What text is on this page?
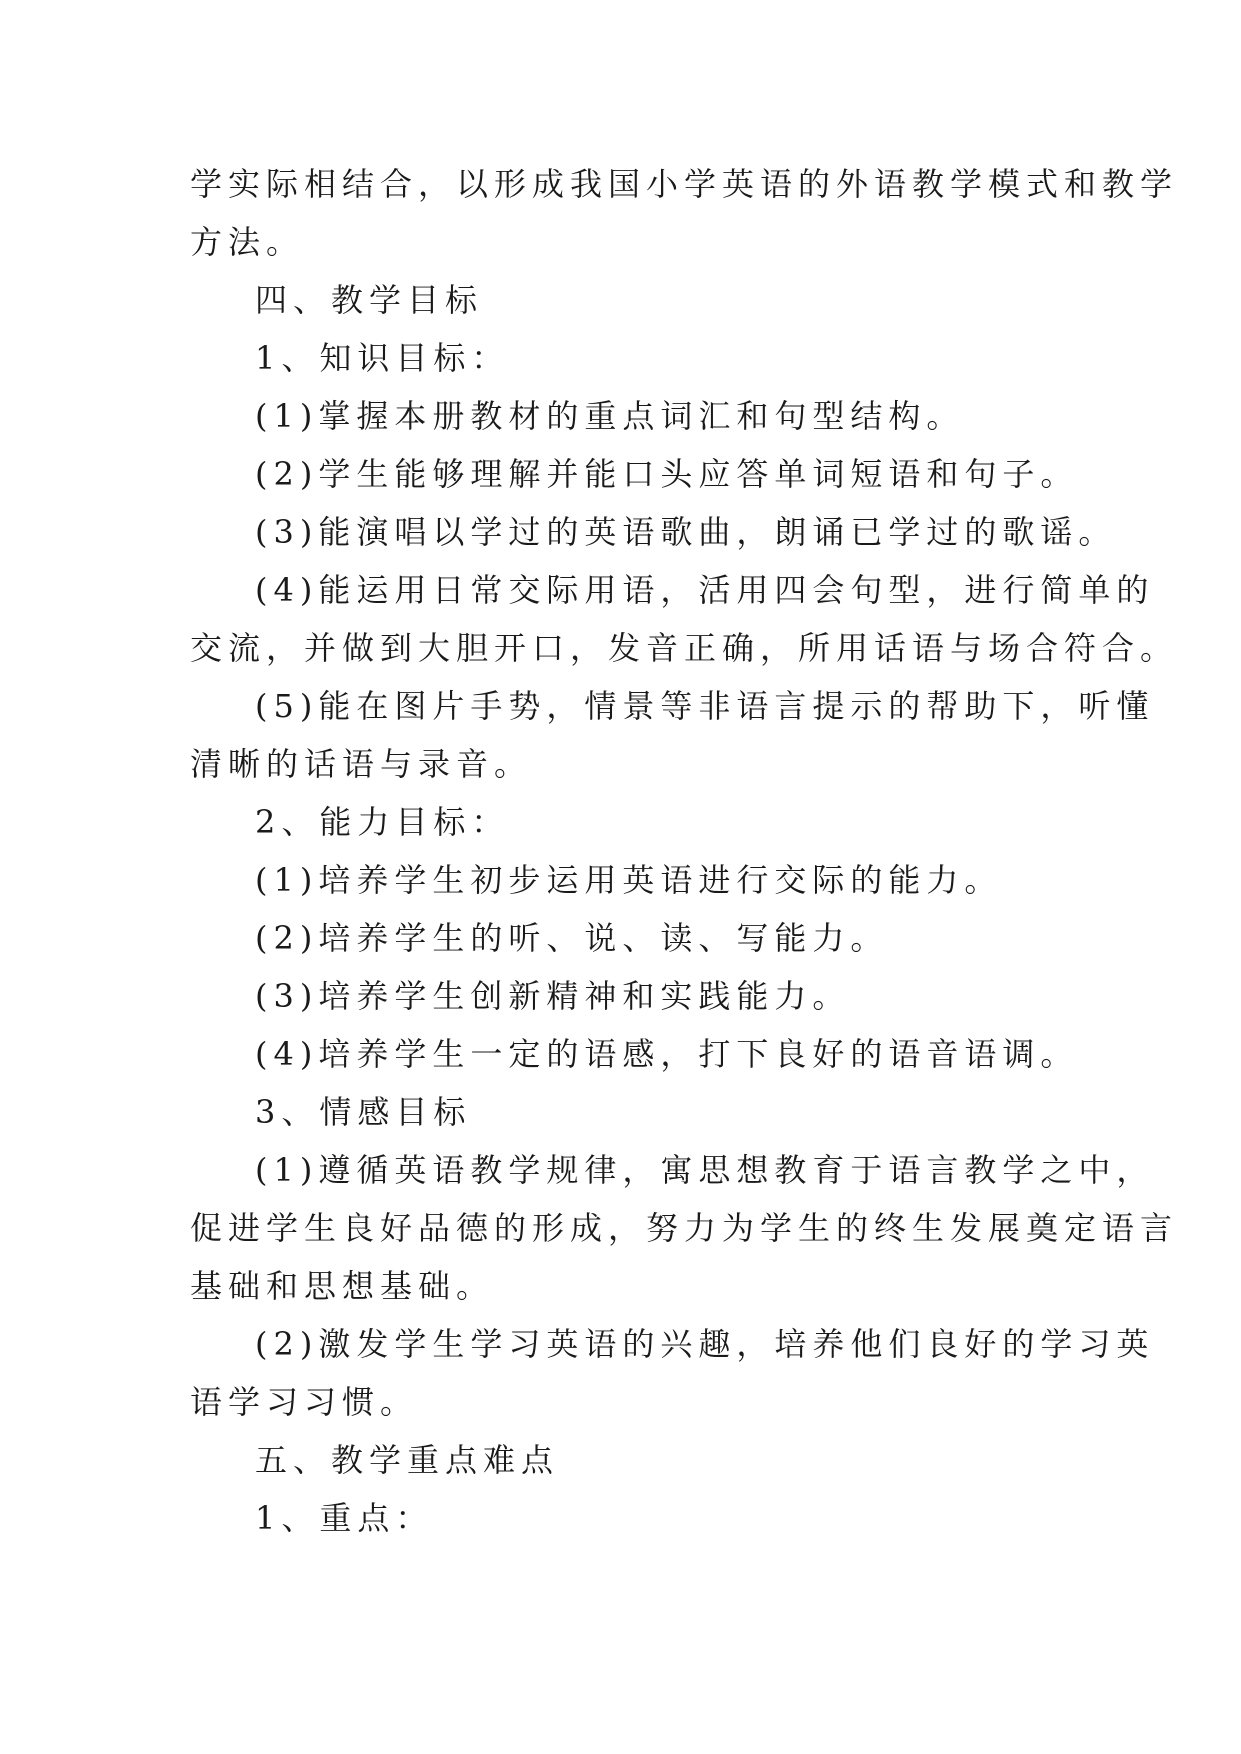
学实际相结合，以形成我国小学英语的外语教学模式和教学
方法。
四、教学目标
1、知识目标：
(1)掌握本册教材的重点词汇和句型结构。
(2)学生能够理解并能口头应答单词短语和句子。
(3)能演唱以学过的英语歌曲，朗诵已学过的歌谣。
(4)能运用日常交际用语，活用四会句型，进行简单的
交流，并做到大胆开口，发音正确，所用话语与场合符合。
(5)能在图片手势，情景等非语言提示的帮助下，听懂
清晰的话语与录音。
2、能力目标：
(1)培养学生初步运用英语进行交际的能力。
(2)培养学生的听、说、读、写能力。
(3)培养学生创新精神和实践能力。
(4)培养学生一定的语感，打下良好的语音语调。
3、情感目标
(1)遵循英语教学规律，寓思想教育于语言教学之中，
促进学生良好品德的形成，努力为学生的终生发展奠定语言
基础和思想基础。
(2)激发学生学习英语的兴趣，培养他们良好的学习英
语学习习惯。
五、教学重点难点
1、重点：
